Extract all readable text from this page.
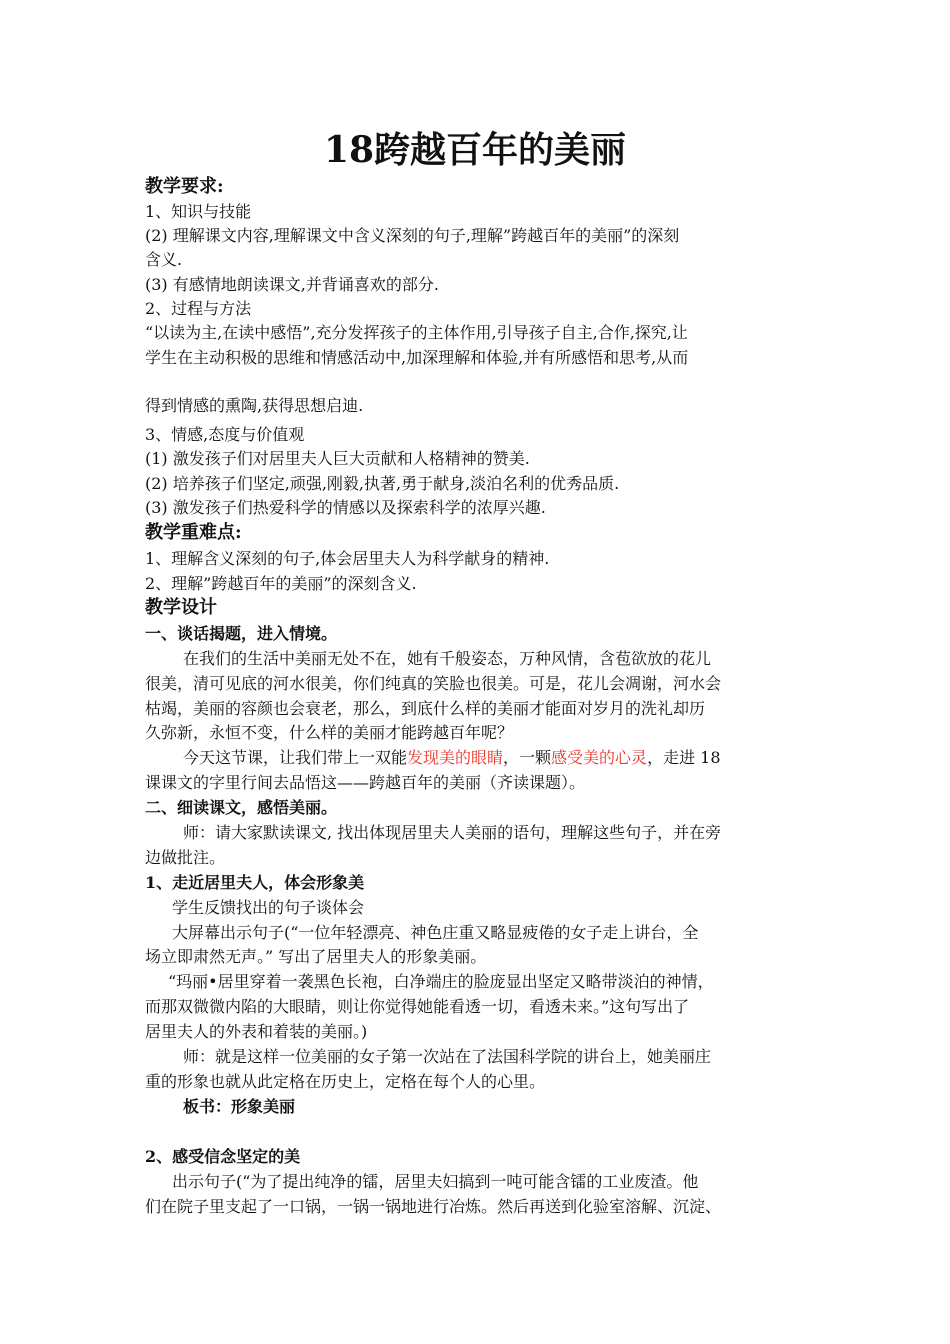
18跨越百年的美丽
教学要求:
1、知识与技能
(2) 理解课文内容,理解课文中含义深刻的句子,理解”跨越百年的美丽”的深刻
含义.
(3) 有感情地朗读课文,并背诵喜欢的部分.
2、过程与方法
“以读为主,在读中感悟”,充分发挥孩子的主体作用,引导孩子自主,合作,探究,让
学生在主动积极的思维和情感活动中,加深理解和体验,并有所感悟和思考,从而
得到情感的熏陶,获得思想启迪.
3、情感,态度与价值观
(1) 激发孩子们对居里夫人巨大贡献和人格精神的赞美.
(2) 培养孩子们坚定,顽强,刚毅,执著,勇于献身,淡泊名利的优秀品质.
(3) 激发孩子们热爱科学的情感以及探索科学的浓厚兴趣.
教学重难点:
1、理解含义深刻的句子,体会居里夫人为科学献身的精神.
2、理解”跨越百年的美丽”的深刻含义.
教学设计
一、谈话揭题，进入情境。
在我们的生活中美丽无处不在，她有千般姿态，万种风情，含苞欲放的花儿
很美，清可见底的河水很美，你们纯真的笑脸也很美。可是，花儿会凋谢，河水会
枯竭，美丽的容颜也会衰老，那么，到底什么样的美丽才能面对岁月的洗礼却历
久弥新，永恒不变，什么样的美丽才能跨越百年呢？
今天这节课，让我们带上一双能发现美的眼睛，一颗感受美的心灵，走进 18
课课文的字里行间去品悟这——跨越百年的美丽（齐读课题）。
二、细读课文，感悟美丽。
师：请大家默读课文, 找出体现居里夫人美丽的语句，理解这些句子，并在旁
边做批注。
1、走近居里夫人，体会形象美
学生反馈找出的句子谈体会
大屏幕出示句子(“一位年轻漂亮、神色庄重又略显疲倦的女子走上讲台，全
场立即肃然无声。” 写出了居里夫人的形象美丽。
“玛丽•居里穿着一袭黑色长袍，白净端庄的脸庞显出坚定又略带淡泊的神情，
而那双微微内陷的大眼睛，则让你觉得她能看透一切，看透未来。”这句写出了
居里夫人的外表和着装的美丽。)
师：就是这样一位美丽的女子第一次站在了法国科学院的讲台上，她美丽庄
重的形象也就从此定格在历史上，定格在每个人的心里。
板书：形象美丽
2、感受信念坚定的美
出示句子(“为了提出纯净的镭，居里夫妇搞到一吨可能含镭的工业废渣。他
们在院子里支起了一口锅，一锅一锅地进行冶炼。然后再送到化验室溶解、沉淀、
